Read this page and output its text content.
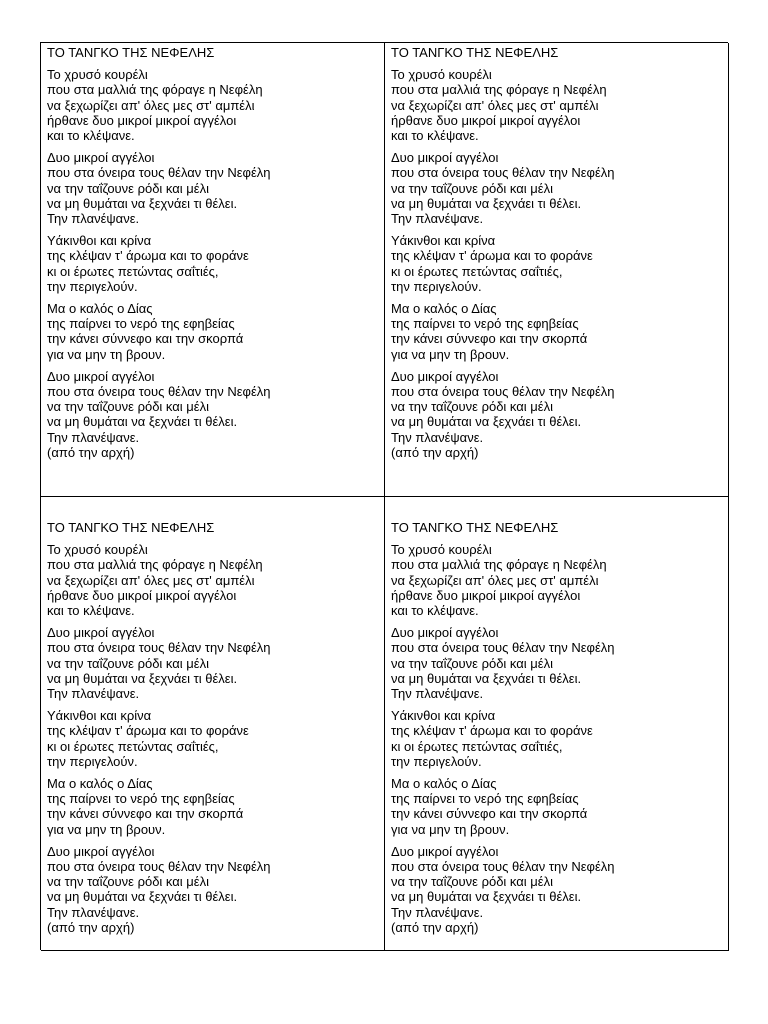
ΤΟ ΤΑΝΓΚΟ ΤΗΣ ΝΕΦΕΛΗΣ
Το χρυσό κουρέλι
που στα μαλλιά της φόραγε η Νεφέλη
να ξεχωρίζει απ' όλες μες στ' αμπέλι
ήρθανε δυο μικροί μικροί αγγέλοι
και το κλέψανε.
Δυο μικροί αγγέλοι
που στα όνειρα τους θέλαν την Νεφέλη
να την ταΐζουνε ρόδι και μέλι
να μη θυμάται να ξεχνάει τι θέλει.
Την πλανέψανε.
Υάκινθοι και κρίνα
της κλέψαν τ' άρωμα και το φοράνε
κι οι έρωτες πετώντας σαΐτιές,
την περιγελούν.
Μα ο καλός ο Δίας
της παίρνει το νερό της εφηβείας
την κάνει σύννεφο και την σκορπά
για να μην τη βρουν.
Δυο μικροί αγγέλοι
που στα όνειρα τους θέλαν την Νεφέλη
να την ταΐζουνε ρόδι και μέλι
να μη θυμάται να ξεχνάει τι θέλει.
Την πλανέψανε.
(από την αρχή)
ΤΟ ΤΑΝΓΚΟ ΤΗΣ ΝΕΦΕΛΗΣ
Το χρυσό κουρέλι
που στα μαλλιά της φόραγε η Νεφέλη
να ξεχωρίζει απ' όλες μες στ' αμπέλι
ήρθανε δυο μικροί μικροί αγγέλοι
και το κλέψανε.
Δυο μικροί αγγέλοι
που στα όνειρα τους θέλαν την Νεφέλη
να την ταΐζουνε ρόδι και μέλι
να μη θυμάται να ξεχνάει τι θέλει.
Την πλανέψανε.
Υάκινθοι και κρίνα
της κλέψαν τ' άρωμα και το φοράνε
κι οι έρωτες πετώντας σαΐτιές,
την περιγελούν.
Μα ο καλός ο Δίας
της παίρνει το νερό της εφηβείας
την κάνει σύννεφο και την σκορπά
για να μην τη βρουν.
Δυο μικροί αγγέλοι
που στα όνειρα τους θέλαν την Νεφέλη
να την ταΐζουνε ρόδι και μέλι
να μη θυμάται να ξεχνάει τι θέλει.
Την πλανέψανε.
(από την αρχή)
ΤΟ ΤΑΝΓΚΟ ΤΗΣ ΝΕΦΕΛΗΣ
Το χρυσό κουρέλι
που στα μαλλιά της φόραγε η Νεφέλη
να ξεχωρίζει απ' όλες μες στ' αμπέλι
ήρθανε δυο μικροί μικροί αγγέλοι
και το κλέψανε.
Δυο μικροί αγγέλοι
που στα όνειρα τους θέλαν την Νεφέλη
να την ταΐζουνε ρόδι και μέλι
να μη θυμάται να ξεχνάει τι θέλει.
Την πλανέψανε.
Υάκινθοι και κρίνα
της κλέψαν τ' άρωμα και το φοράνε
κι οι έρωτες πετώντας σαΐτιές,
την περιγελούν.
Μα ο καλός ο Δίας
της παίρνει το νερό της εφηβείας
την κάνει σύννεφο και την σκορπά
για να μην τη βρουν.
Δυο μικροί αγγέλοι
που στα όνειρα τους θέλαν την Νεφέλη
να την ταΐζουνε ρόδι και μέλι
να μη θυμάται να ξεχνάει τι θέλει.
Την πλανέψανε.
(από την αρχή)
ΤΟ ΤΑΝΓΚΟ ΤΗΣ ΝΕΦΕΛΗΣ
Το χρυσό κουρέλι
που στα μαλλιά της φόραγε η Νεφέλη
να ξεχωρίζει απ' όλες μες στ' αμπέλι
ήρθανε δυο μικροί μικροί αγγέλοι
και το κλέψανε.
Δυο μικροί αγγέλοι
που στα όνειρα τους θέλαν την Νεφέλη
να την ταΐζουνε ρόδι και μέλι
να μη θυμάται να ξεχνάει τι θέλει.
Την πλανέψανε.
Υάκινθοι και κρίνα
της κλέψαν τ' άρωμα και το φοράνε
κι οι έρωτες πετώντας σαΐτιές,
την περιγελούν.
Μα ο καλός ο Δίας
της παίρνει το νερό της εφηβείας
την κάνει σύννεφο και την σκορπά
για να μην τη βρουν.
Δυο μικροί αγγέλοι
που στα όνειρα τους θέλαν την Νεφέλη
να την ταΐζουνε ρόδι και μέλι
να μη θυμάται να ξεχνάει τι θέλει.
Την πλανέψανε.
(από την αρχή)
